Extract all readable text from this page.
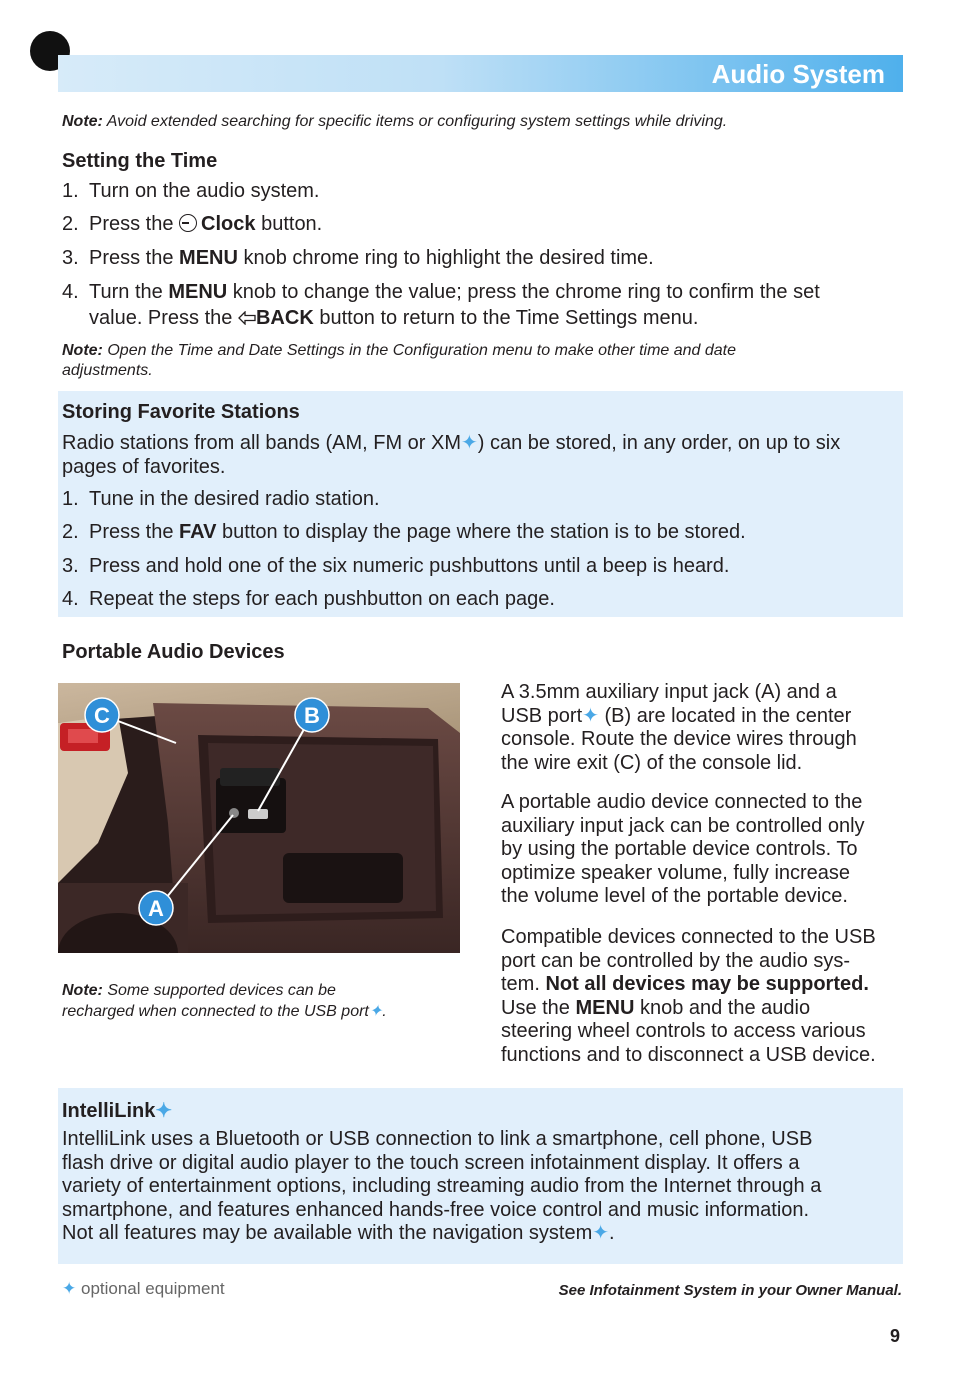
Audio System
Note: Avoid extended searching for specific items or configuring system settings while driving.
Setting the Time
1. Turn on the audio system.
2. Press the Clock button.
3. Press the MENU knob chrome ring to highlight the desired time.
4. Turn the MENU knob to change the value; press the chrome ring to confirm the set
value. Press the BACK button to return to the Time Settings menu.
Note: Open the Time and Date Settings in the Configuration menu to make other time and date
adjustments.
Storing Favorite Stations
Radio stations from all bands (AM, FM or XM✦) can be stored, in any order, on up to six
pages of favorites.
1. Tune in the desired radio station.
2. Press the FAV button to display the page where the station is to be stored.
3. Press and hold one of the six numeric pushbuttons until a beep is heard.
4. Repeat the steps for each pushbutton on each page.
Portable Audio Devices
C	B
A
Note: Some supported devices can be
recharged when connected to the USB port✦.
A 3.5mm auxiliary input jack (A) and a
USB port✦ (B) are located in the center
console. Route the device wires through
the wire exit (C) of the console lid.
A portable audio device connected to the
auxiliary input jack can be controlled only
by using the portable device controls. To
optimize speaker volume, fully increase
the volume level of the portable device.
Compatible devices connected to the USB
port can be controlled by the audio sys-
tem. Not all devices may be supported.
Use the MENU knob and the audio
steering wheel controls to access various
functions and to disconnect a USB device.
IntelliLink✦
IntelliLink uses a Bluetooth or USB connection to link a smartphone, cell phone, USB
flash drive or digital audio player to the touch screen infotainment display. It offers a
variety of entertainment options, including streaming audio from the Internet through a
smartphone, and features enhanced hands-free voice control and music information.
Not all features may be available with the navigation system✦.
✦ optional equipment	See Infotainment System in your Owner Manual.
9
